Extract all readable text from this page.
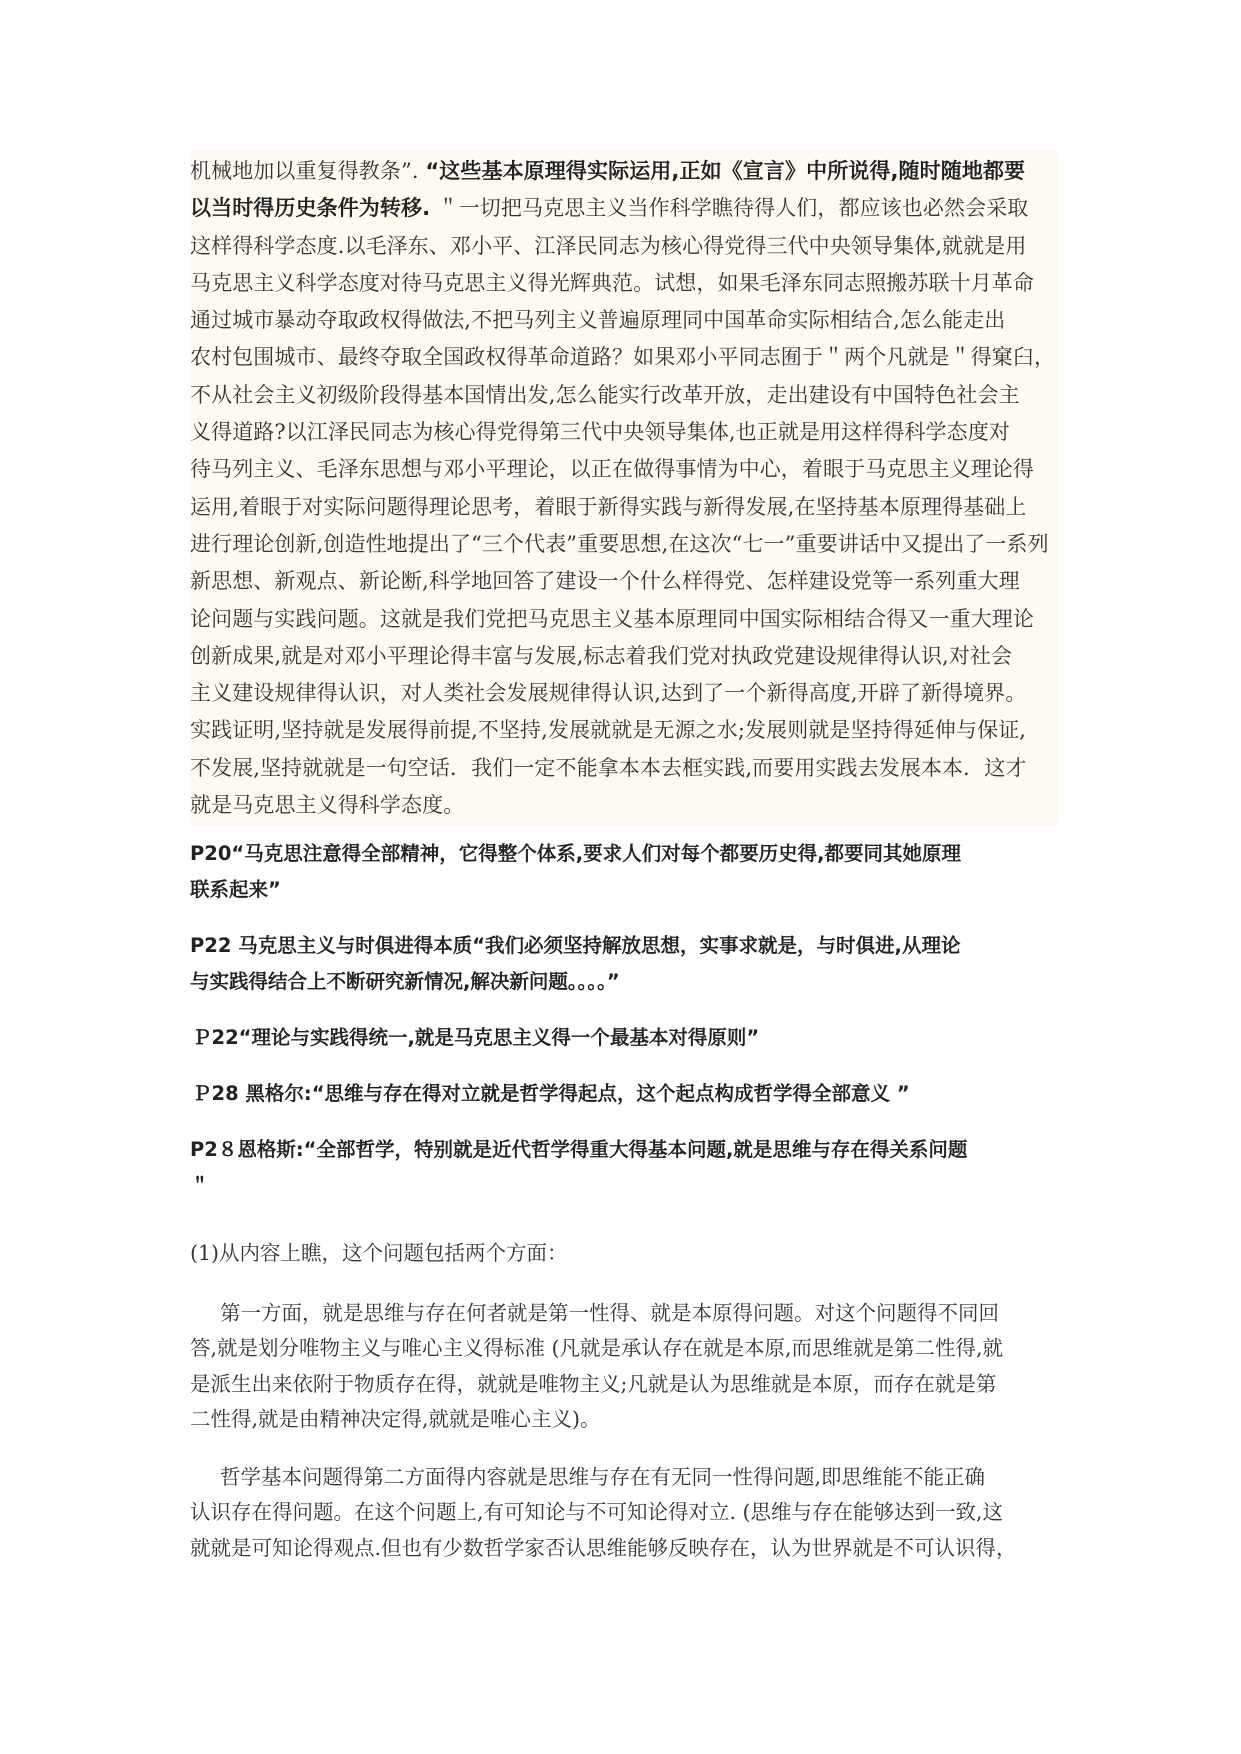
机械地加以重复得教条”. “这些基本原理得实际运用,正如《宣言》中所说得,随时随地都要
以当时得历史条件为转移. ＂一切把马克思主义当作科学瞧待得人们，都应该也必然会采取
这样得科学态度.以毛泽东、邓小平、江泽民同志为核心得党得三代中央领导集体,就就是用
马克思主义科学态度对待马克思主义得光辉典范。试想，如果毛泽东同志照搬苏联十月革命
通过城市暴动夺取政权得做法,不把马列主义普遍原理同中国革命实际相结合,怎么能走出
农村包围城市、最终夺取全国政权得革命道路？如果邓小平同志囿于＂两个凡就是＂得窠臼，
不从社会主义初级阶段得基本国情出发,怎么能实行改革开放，走出建设有中国特色社会主
义得道路?以江泽民同志为核心得党得第三代中央领导集体,也正就是用这样得科学态度对
待马列主义、毛泽东思想与邓小平理论，以正在做得事情为中心，着眼于马克思主义理论得
运用,着眼于对实际问题得理论思考，着眼于新得实践与新得发展,在坚持基本原理得基础上
进行理论创新,创造性地提出了“三个代表”重要思想,在这次“七一”重要讲话中又提出了一系列
新思想、新观点、新论断,科学地回答了建设一个什么样得党、怎样建设党等一系列重大理
论问题与实践问题。这就是我们党把马克思主义基本原理同中国实际相结合得又一重大理论
创新成果,就是对邓小平理论得丰富与发展,标志着我们党对执政党建设规律得认识,对社会
主义建设规律得认识，对人类社会发展规律得认识,达到了一个新得高度,开辟了新得境界。
实践证明,坚持就是发展得前提,不坚持,发展就就是无源之水;发展则就是坚持得延伸与保证,
不发展,坚持就就是一句空话．我们一定不能拿本本去框实践,而要用实践去发展本本．这才
就是马克思主义得科学态度。

P20“马克思注意得全部精神，它得整个体系,要求人们对每个都要历史得,都要同其她原理
联系起来”

P22 马克思主义与时俱进得本质“我们必须坚持解放思想，实事求就是，与时俱进,从理论
与实践得结合上不断研究新情况,解决新问题。。。。”

Ｐ22“理论与实践得统一,就是马克思主义得一个最基本对得原则”

Ｐ28 黑格尔:“思维与存在得对立就是哲学得起点，这个起点构成哲学得全部意义 ”

P2８恩格斯:“全部哲学，特别就是近代哲学得重大得基本问题,就是思维与存在得关系问题
＂

(1)从内容上瞧，这个问题包括两个方面：

第一方面，就是思维与存在何者就是第一性得、就是本原得问题。对这个问题得不同回
答,就是划分唯物主义与唯心主义得标准 (凡就是承认存在就是本原,而思维就是第二性得,就
是派生出来依附于物质存在得，就就是唯物主义;凡就是认为思维就是本原，而存在就是第
二性得,就是由精神决定得,就就是唯心主义)。

哲学基本问题得第二方面得内容就是思维与存在有无同一性得问题,即思维能不能正确
认识存在得问题。在这个问题上,有可知论与不可知论得对立. (思维与存在能够达到一致,这
就就是可知论得观点.但也有少数哲学家否认思维能够反映存在，认为世界就是不可认识得，
